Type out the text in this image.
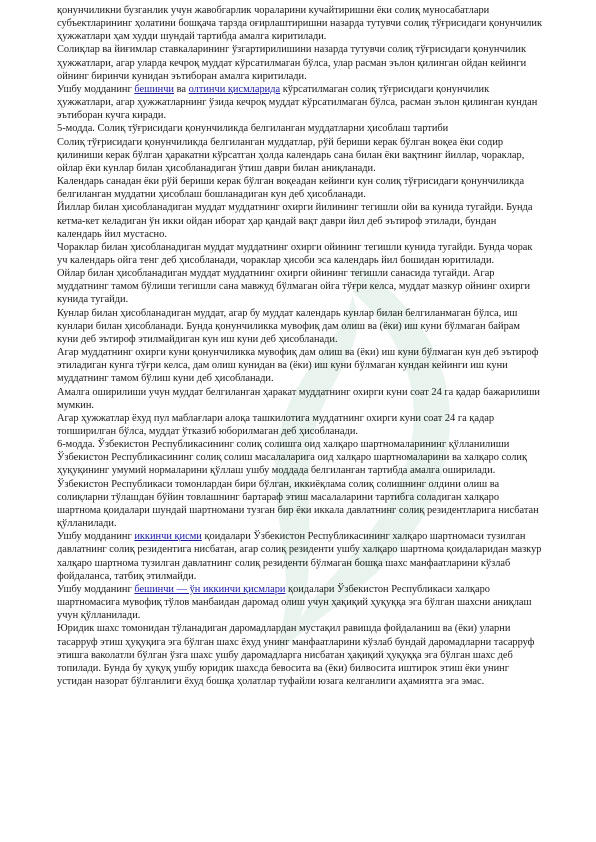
қонунчиликни бузганлик учун жавобгарлик чораларини кучайтиришни ёки солиқ муносабатлари субъектларининг ҳолатини бошқача тарзда оғирлаштиришни назарда тутувчи солиқ тўғрисидаги қонунчилик ҳужжатлари ҳам худди шундай тартибда амалга киритилади.

Солиқлар ва йиғимлар ставкаларининг ўзгартирилишини назарда тутувчи солиқ тўғрисидаги қонунчилик ҳужжатлари, агар уларда кечроқ муддат кўрсатилмаган бўлса, улар расман эълон қилинган ойдан кейинги ойнинг биринчи кунидан эътиборан амалга киритилади.

Ушбу модданинг бешинчи ва олтинчи қисмларида кўрсатилмаган солиқ тўғрисидаги қонунчилик ҳужжатлари, агар ҳужжатларнинг ўзида кечроқ муддат кўрсатилмаган бўлса, расман эълон қилинган кундан эътиборан кучга киради.

5-модда. Солиқ тўғрисидаги қонунчиликда белгиланган муддатларни ҳисоблаш тартиби

Солиқ тўғрисидаги қонунчиликда белгиланган муддатлар, рўй бериши керак бўлган воқеа ёки содир қилиниши керак бўлган ҳаракатни кўрсатган ҳолда календарь сана билан ёки вақтнинг йиллар, чораклар, ойлар ёки кунлар билан ҳисобланадиган ўтиш даври билан аниқланади.

Календарь санадан ёки рўй бериши керак бўлган воқеадан кейинги кун солиқ тўғрисидаги қонунчиликда белгиланган муддатни ҳисоблаш бошланадиган кун деб ҳисобланади.

Йиллар билан ҳисобланадиган муддат муддатнинг охирги йилининг тегишли ойи ва кунида тугайди. Бунда кетма-кет келадиган ўн икки ойдан иборат ҳар қандай вақт даври йил деб эътироф этилади, бундан календарь йил мустасно.

Чораклар билан ҳисобланадиган муддат муддатнинг охирги ойининг тегишли кунида тугайди. Бунда чорак уч календарь ойга тенг деб ҳисобланади, чораклар ҳисоби эса календарь йил бошидан юритилади.

Ойлар билан ҳисобланадиган муддат муддатнинг охирги ойининг тегишли санасида тугайди. Агар муддатнинг тамом бўлиши тегишли сана мавжуд бўлмаган ойга тўғри келса, муддат мазкур ойнинг охирги кунида тугайди.

Кунлар билан ҳисобланадиган муддат, агар бу муддат календарь кунлар билан белгиланмаган бўлса, иш кунлари билан ҳисобланади. Бунда қонунчиликка мувофиқ дам олиш ва (ёки) иш куни бўлмаган байрам куни деб эътироф этилмайдиган кун иш куни деб ҳисобланади.

Агар муддатнинг охирги куни қонунчиликка мувофиқ дам олиш ва (ёки) иш куни бўлмаган кун деб эътироф этиладиган кунга тўғри келса, дам олиш кунидан ва (ёки) иш куни бўлмаган кундан кейинги иш куни муддатнинг тамом бўлиш куни деб ҳисобланади.

Амалга оширилиши учун муддат белгиланган ҳаракат муддатнинг охирги куни соат 24 га қадар бажарилиши мумкин.

Агар ҳужжатлар ёхуд пул маблағлари алоқа ташкилотига муддатнинг охирги куни соат 24 га қадар топширилган бўлса, муддат ўтказиб юборилмаган деб ҳисобланади.

6-модда. Ўзбекистон Республикасининг солиқ солишга оид халқаро шартномаларининг қўлланилиши

Ўзбекистон Республикасининг солиқ солиш масалаларига оид халқаро шартномаларини ва халқаро солиқ ҳуқуқининг умумий нормаларини қўллаш ушбу моддада белгиланган тартибда амалга оширилади.

Ўзбекистон Республикаси томонлардан бири бўлган, иккиёқлама солиқ солишнинг олдини олиш ва солиқларни тўлашдан бўйин товлашнинг бартараф этиш масалаларини тартибга соладиган халқаро шартнома қоидалари шундай шартномани тузган бир ёки иккала давлатнинг солиқ резидентларига нисбатан қўлланилади.

Ушбу модданинг иккинчи қисми қоидалари Ўзбекистон Республикасининг халқаро шартномаси тузилган давлатнинг солиқ резидентига нисбатан, агар солиқ резиденти ушбу халқаро шартнома қоидаларидан мазкур халқаро шартнома тузилган давлатнинг солиқ резиденти бўлмаган бошқа шахс манфаатларини кўзлаб фойдаланса, татбиқ этилмайди.

Ушбу модданинг бешинчи — ўн иккинчи қисмлари қоидалари Ўзбекистон Республикаси халқаро шартномасига мувофиқ тўлов манбаидан даромад олиш учун ҳақиқий ҳуқуққа эга бўлган шахсни аниқлаш учун қўлланилади.

Юридик шахс томонидан тўланадиган даромадлардан мустақил равишда фойдаланиш ва (ёки) уларни тасарруф этиш ҳуқуқига эга бўлган шахс ёхуд унинг манфаатларини кўзлаб бундай даромадларни тасарруф этишга ваколатли бўлган ўзга шахс ушбу даромадларга нисбатан ҳақиқий ҳуқуққа эга бўлган шахс деб топилади. Бунда бу ҳуқуқ ушбу юридик шахсда бевосита ва (ёки) билвосита иштирок этиш ёки унинг устидан назорат бўлганлиги ёхуд бошқа ҳолатлар туфайли юзага келганлиги аҳамиятга эга эмас.
